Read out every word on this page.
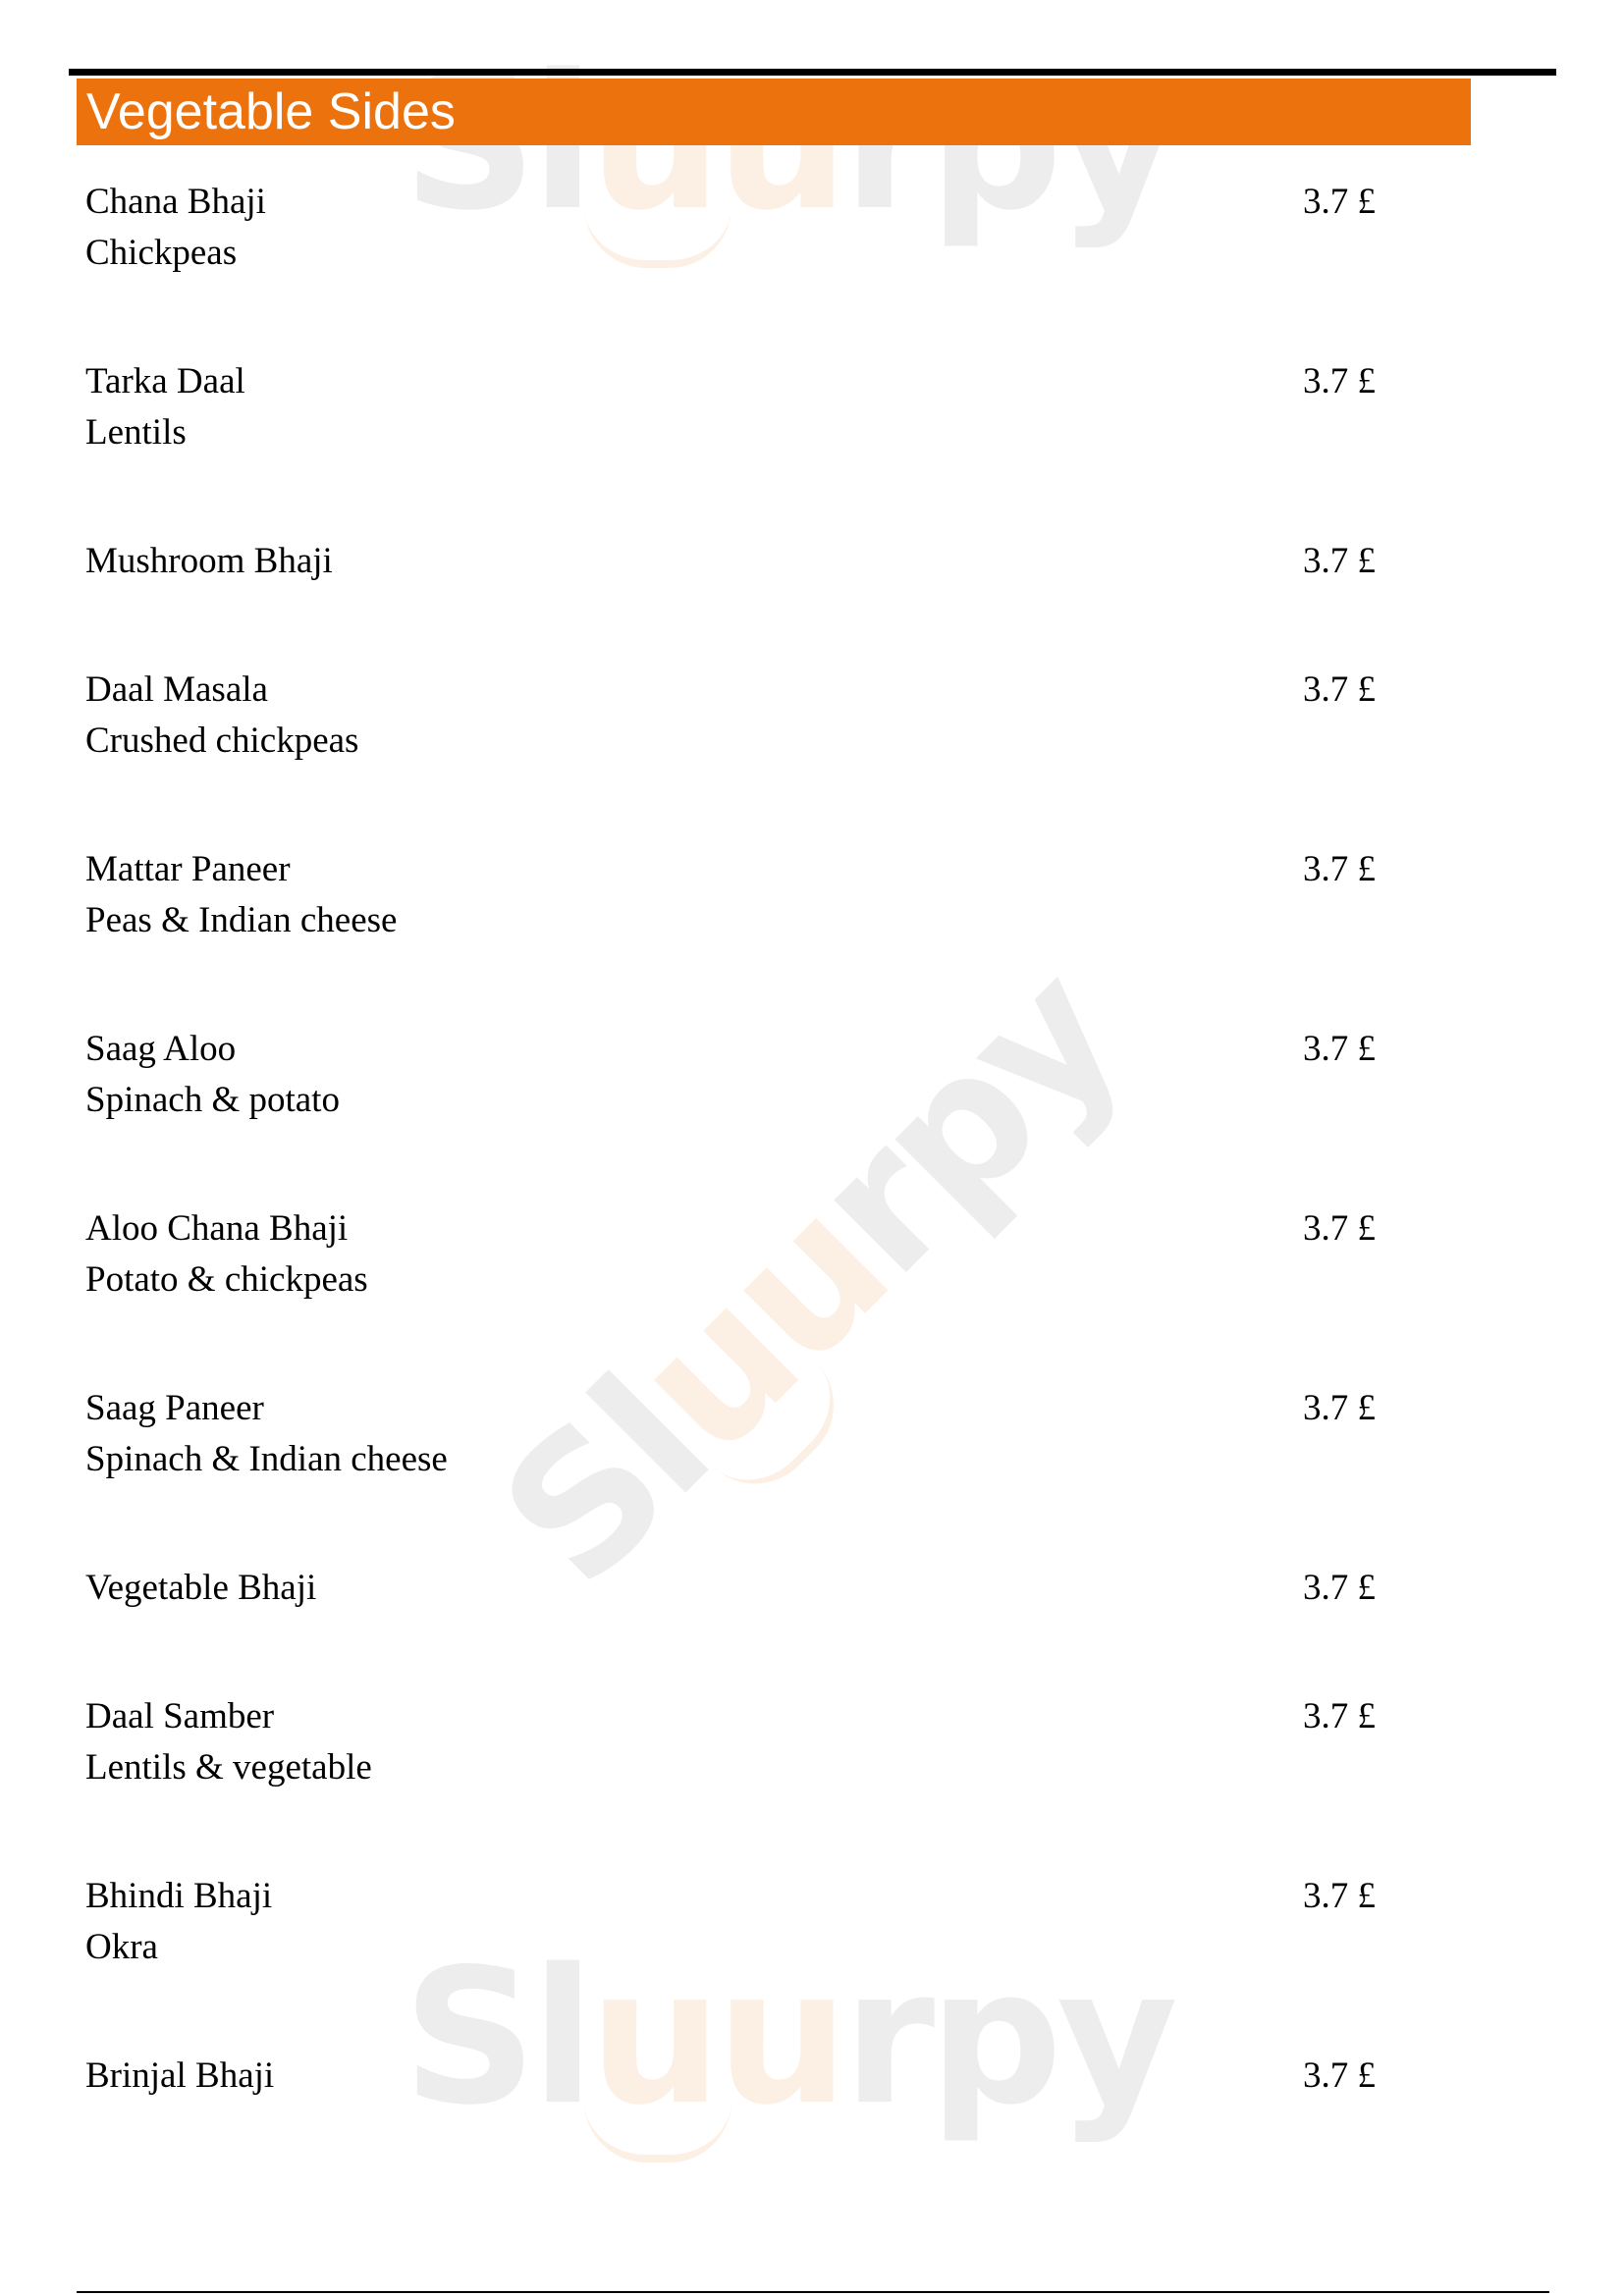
Sluurpy
Sluurpy
Vegetable Sides
Chana Bhaji
Chickpeas
3.7 £
Tarka Daal
Lentils
3.7 £
Mushroom Bhaji	3.7 £
Daal Masala
Crushed chickpeas
3.7 £
Mattar Paneer
Peas & Indian cheese
3.7 £
Saag Aloo
Spinach & potato
3.7 £
Aloo Chana Bhaji
Potato & chickpeas
3.7 £
Saag Paneer
Spinach & Indian cheese
3.7 £
Vegetable Bhaji	3.7 £
Daal Samber
Lentils & vegetable
3.7 £
Bhindi Bhaji
Okra
3.7 £
Brinjal Bhaji	3.7 £
